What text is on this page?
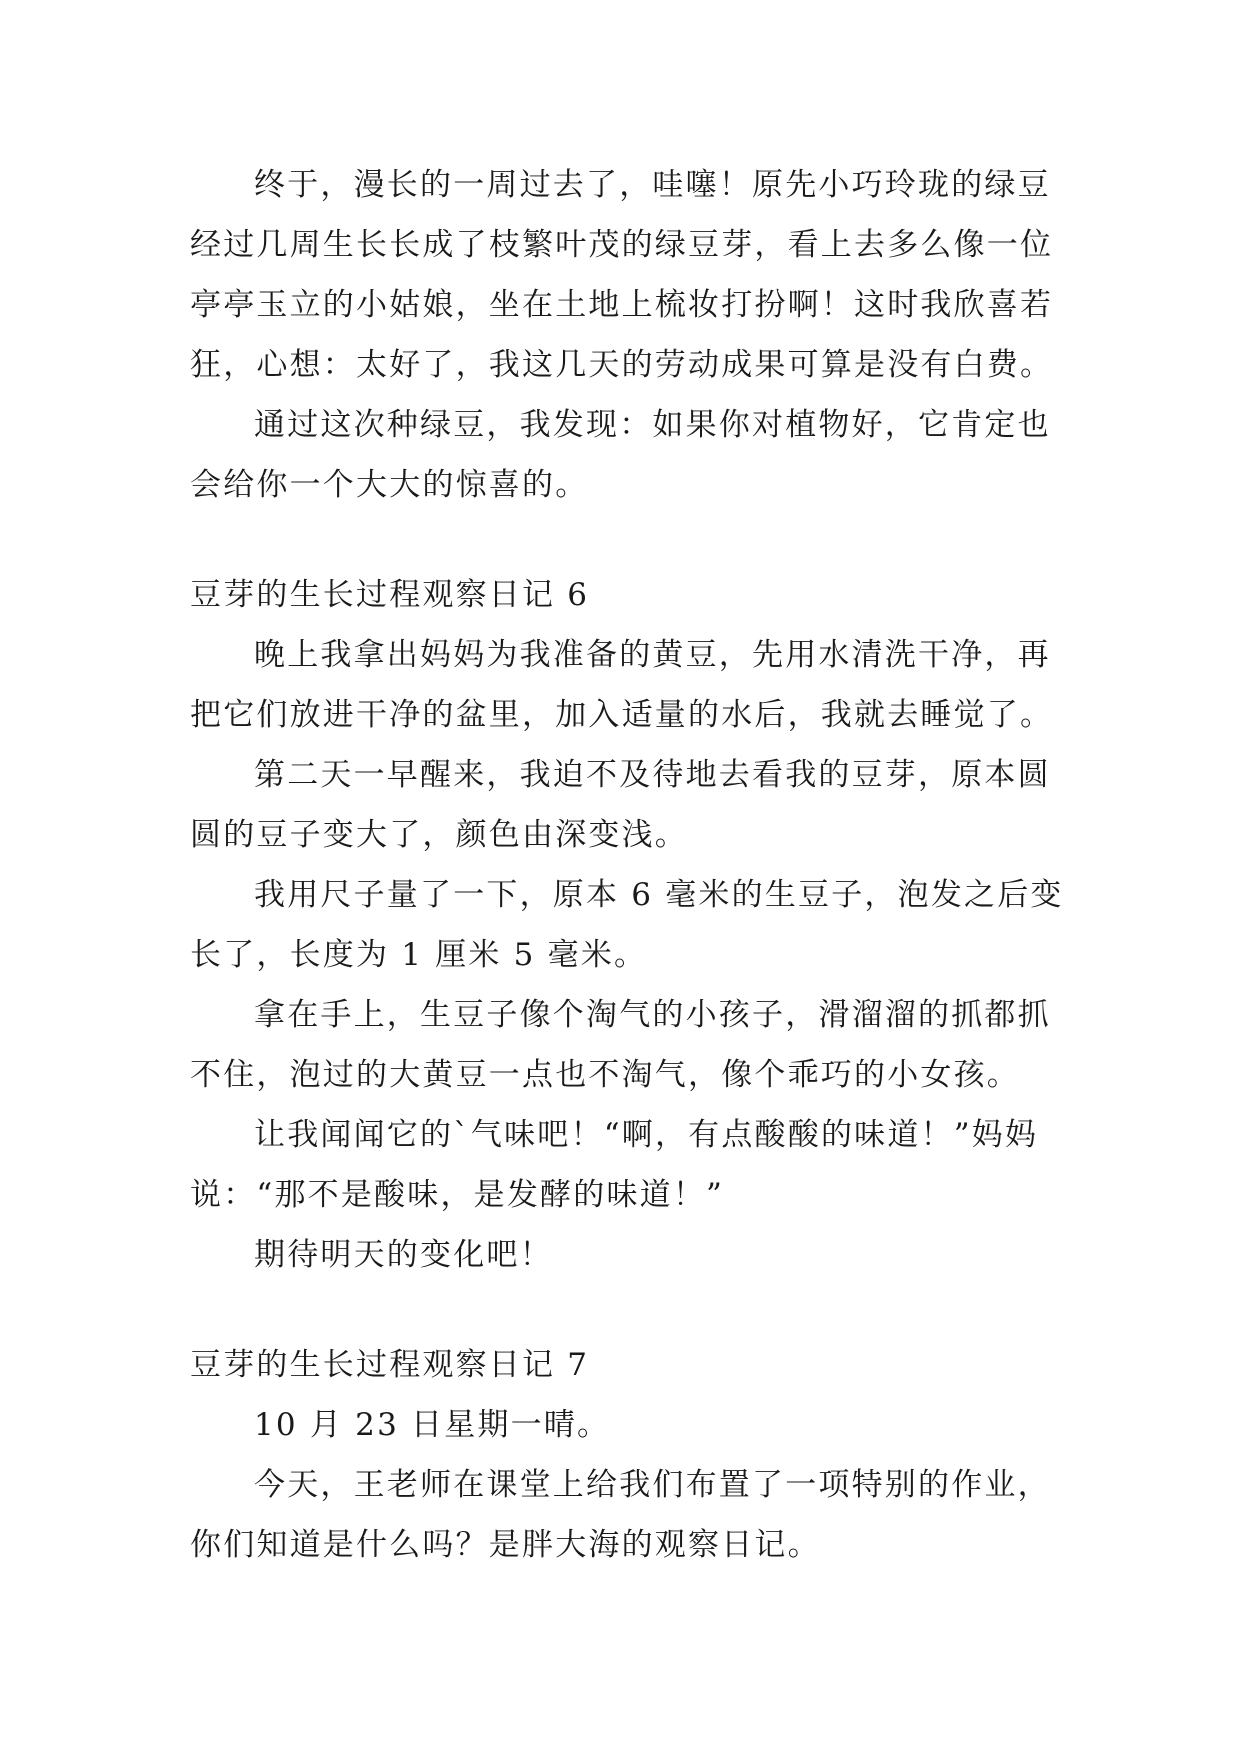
终于，漫长的一周过去了，哇噻！原先小巧玲珑的绿豆
经过几周生长长成了枝繁叶茂的绿豆芽，看上去多么像一位
亭亭玉立的小姑娘，坐在土地上梳妆打扮啊！这时我欣喜若
狂，心想：太好了，我这几天的劳动成果可算是没有白费。
通过这次种绿豆，我发现：如果你对植物好，它肯定也
会给你一个大大的惊喜的。
豆芽的生长过程观察日记 6
晚上我拿出妈妈为我准备的黄豆，先用水清洗干净，再
把它们放进干净的盆里，加入适量的水后，我就去睡觉了。
第二天一早醒来，我迫不及待地去看我的豆芽，原本圆
圆的豆子变大了，颜色由深变浅。
我用尺子量了一下，原本 6 毫米的生豆子，泡发之后变
长了，长度为 1 厘米 5 毫米。
拿在手上，生豆子像个淘气的小孩子，滑溜溜的抓都抓
不住，泡过的大黄豆一点也不淘气，像个乖巧的小女孩。
让我闻闻它的`气味吧！“啊，有点酸酸的味道！”妈妈
说：“那不是酸味，是发酵的味道！”
期待明天的变化吧！
豆芽的生长过程观察日记 7
10 月 23 日星期一晴。
今天，王老师在课堂上给我们布置了一项特别的作业，
你们知道是什么吗？是胖大海的观察日记。
